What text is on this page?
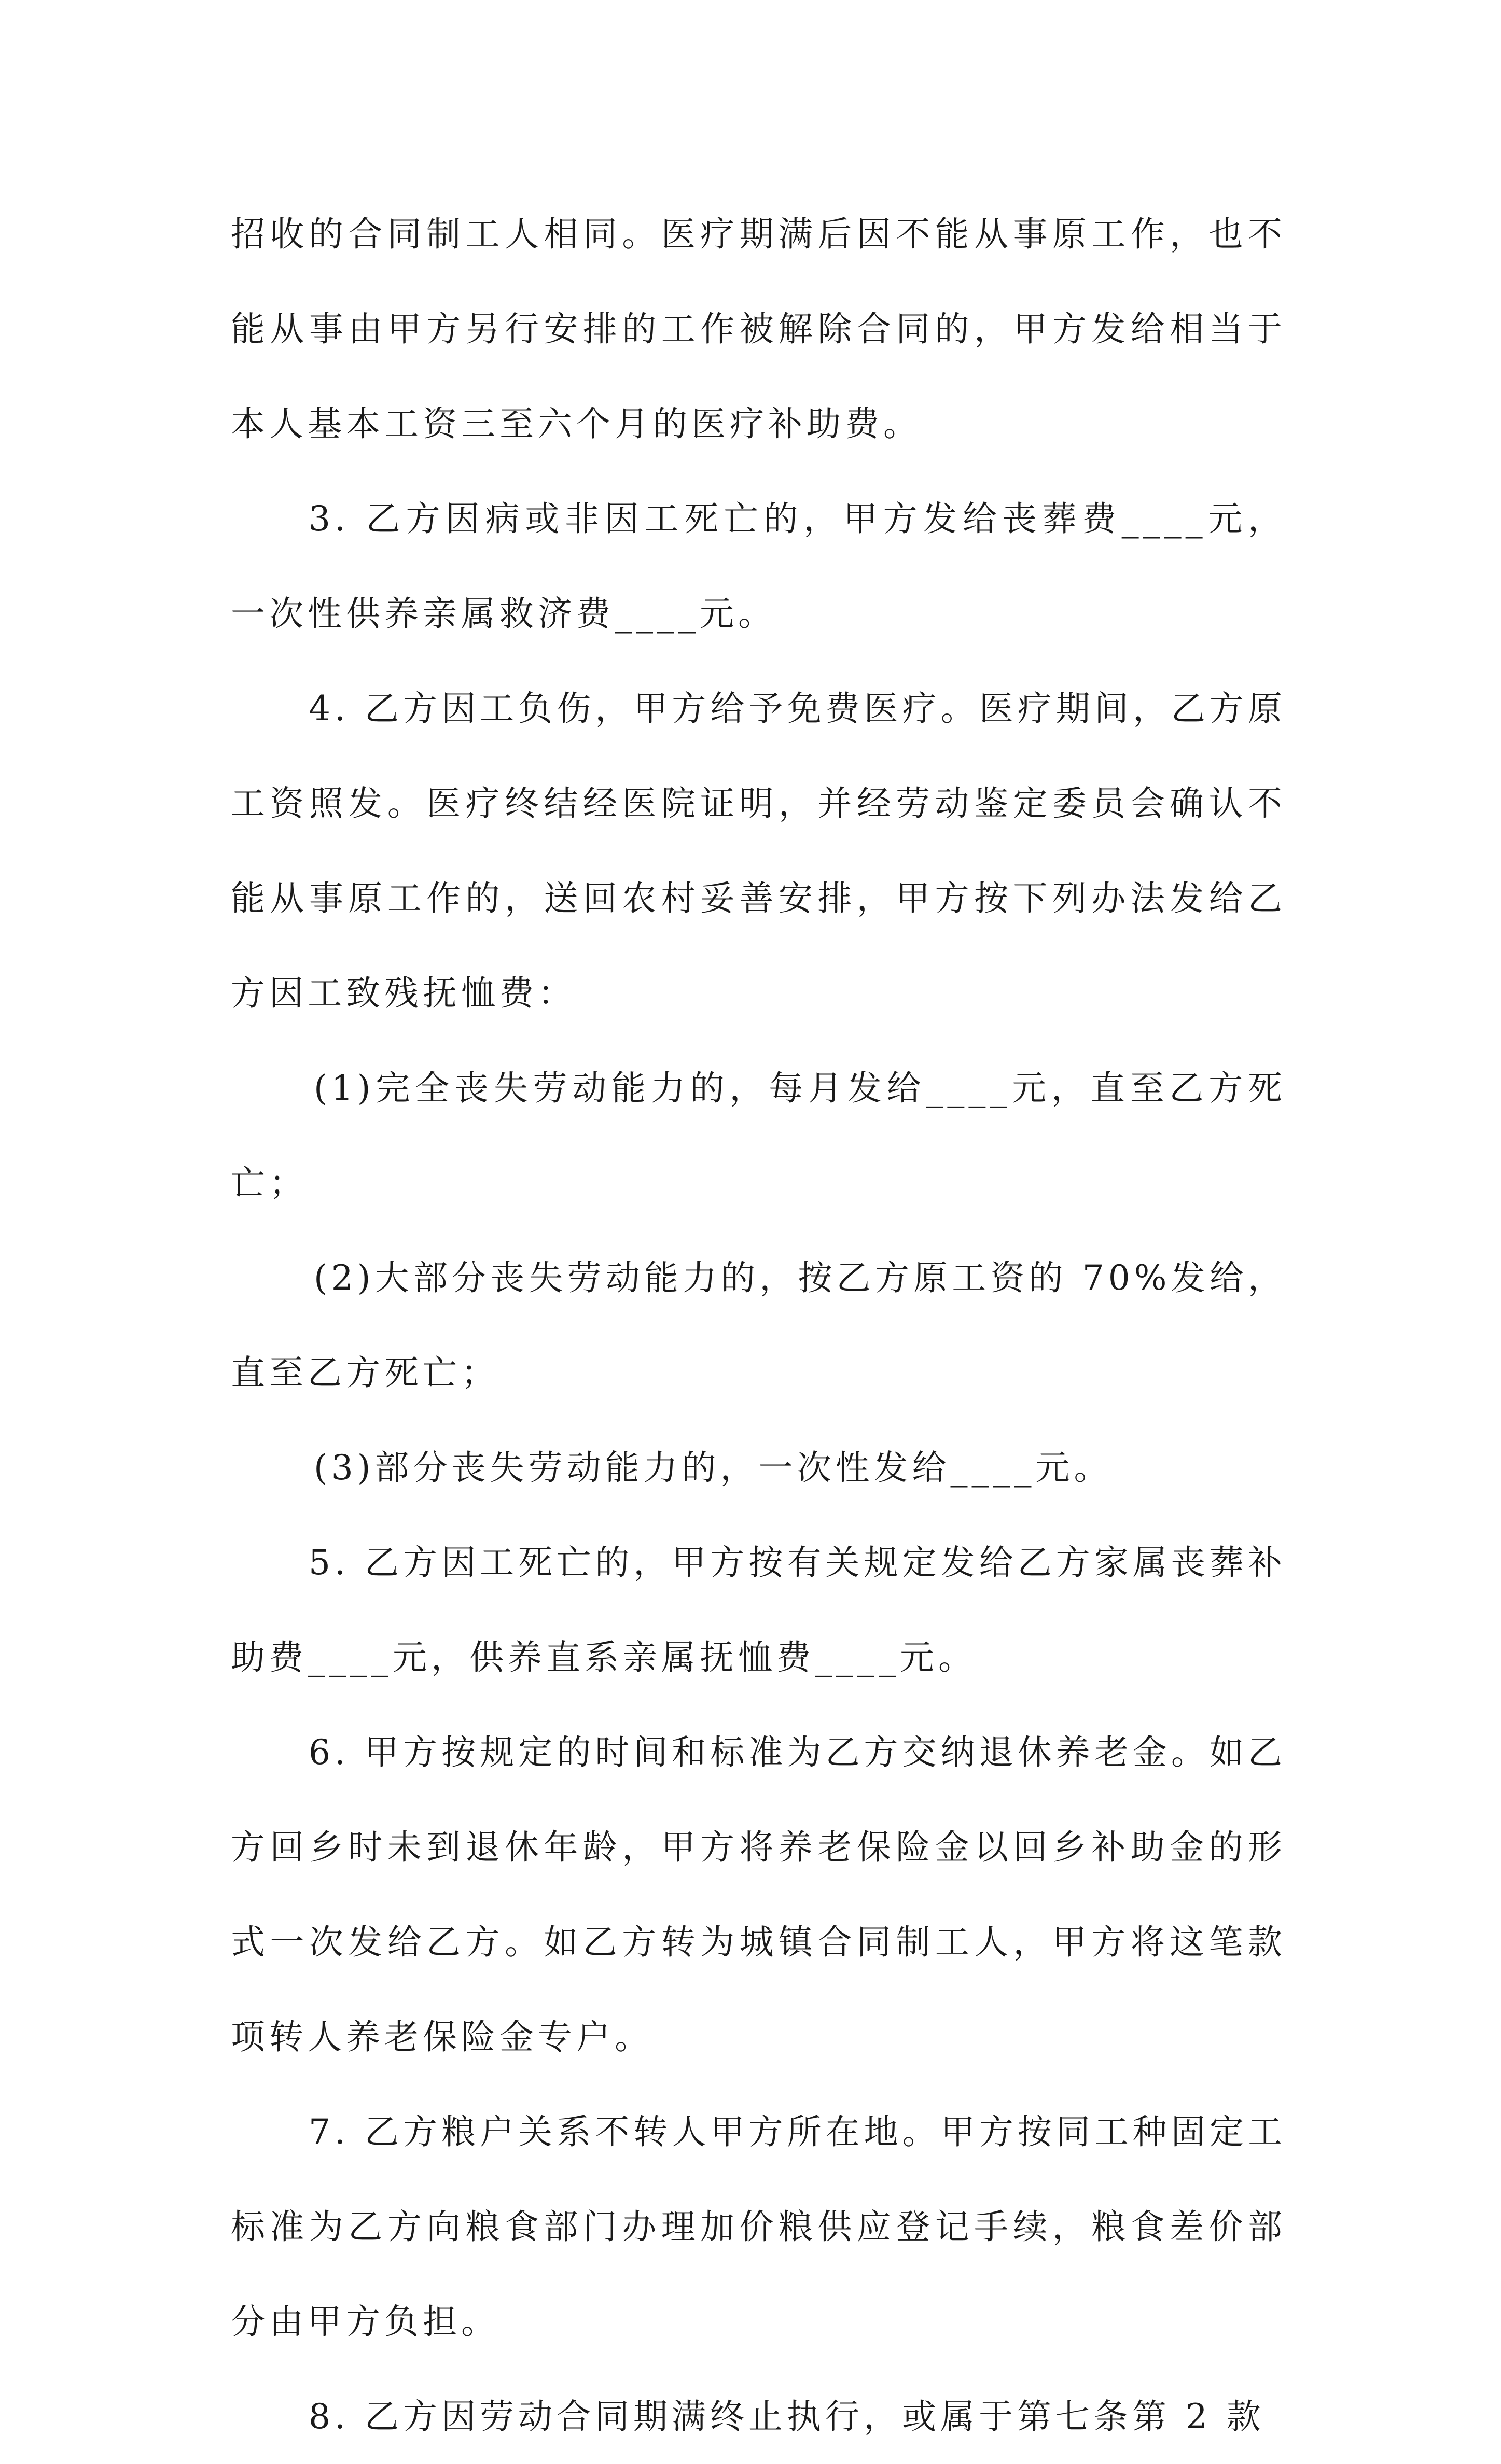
招收的合同制工人相同。医疗期满后因不能从事原工作，也不能从事由甲方另行安排的工作被解除合同的，甲方发给相当于本人基本工资三至六个月的医疗补助费。

3. 乙方因病或非因工死亡的，甲方发给丧葬费____元，一次性供养亲属救济费____元。

4. 乙方因工负伤，甲方给予免费医疗。医疗期间，乙方原工资照发。医疗终结经医院证明，并经劳动鉴定委员会确认不能从事原工作的，送回农村妥善安排，甲方按下列办法发给乙方因工致残抚恤费：

(1)完全丧失劳动能力的，每月发给____元，直至乙方死亡；

(2)大部分丧失劳动能力的，按乙方原工资的 70%发给，直至乙方死亡；

(3)部分丧失劳动能力的，一次性发给____元。

5. 乙方因工死亡的，甲方按有关规定发给乙方家属丧葬补助费____元，供养直系亲属抚恤费____元。

6. 甲方按规定的时间和标准为乙方交纳退休养老金。如乙方回乡时未到退休年龄，甲方将养老保险金以回乡补助金的形式一次发给乙方。如乙方转为城镇合同制工人，甲方将这笔款项转人养老保险金专户。

7. 乙方粮户关系不转人甲方所在地。甲方按同工种固定工标准为乙方向粮食部门办理加价粮供应登记手续，粮食差价部分由甲方负担。

8. 乙方因劳动合同期满终止执行，或属于第七条第 2 款
